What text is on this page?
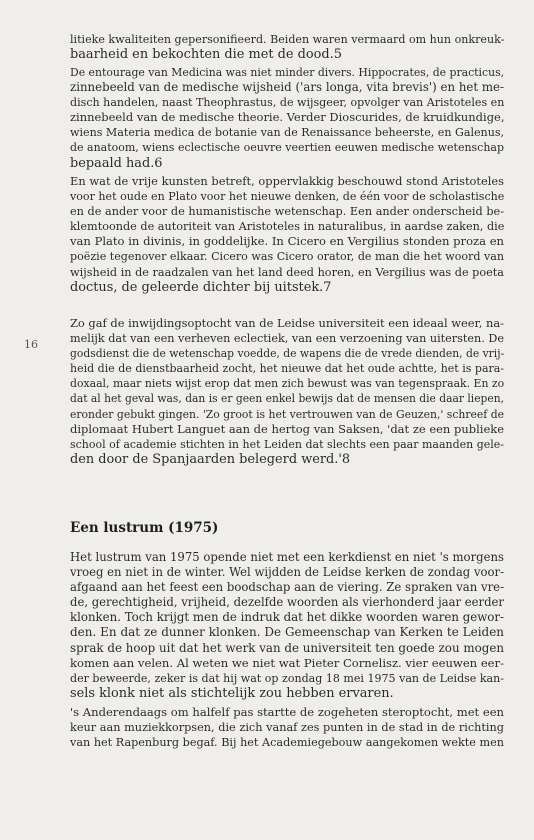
litieke kwaliteiten gepersonifieerd. Beiden waren vermaard om hun onkreuk-
baarheid en bekochten die met de dood.5
De entourage van Medicina was niet minder divers. Hippocrates, de practicus,
zinnebeeld van de medische wijsheid ('ars longa, vita brevis') en het me-
disch handelen, naast Theophrastus, de wijsgeer, opvolger van Aristoteles en
zinnebeeld van de medische theorie. Verder Dioscurides, de kruidkundige,
wiens Materia medica de botanie van de Renaissance beheerste, en Galenus,
de anatoom, wiens eclectische oeuvre veertien eeuwen medische wetenschap
bepaald had.6
En wat de vrije kunsten betreft, oppervlakkig beschouwd stond Aristoteles
voor het oude en Plato voor het nieuwe denken, de één voor de scholastische
en de ander voor de humanistische wetenschap. Een ander onderscheid be-
klemtoonde de autoriteit van Aristoteles in naturalibus, in aardse zaken, die
van Plato in divinis, in goddelijke. In Cicero en Vergilius stonden proza en
poëzie tegenover elkaar. Cicero was Cicero orator, de man die het woord van
wijsheid in de raadzalen van het land deed horen, en Vergilius was de poeta
doctus, de geleerde dichter bij uitstek.7
16
Zo gaf de inwijdingsoptocht van de Leidse universiteit een ideaal weer, na-
melijk dat van een verheven eclectiek, van een verzoening van uitersten. De
godsdienst die de wetenschap voedde, de wapens die de vrede dienden, de vrij-
heid die de dienstbaarheid zocht, het nieuwe dat het oude achtte, het is para-
doxaal, maar niets wijst erop dat men zich bewust was van tegenspraak. En zo
dat al het geval was, dan is er geen enkel bewijs dat de mensen die daar liepen,
eronder gebukt gingen. 'Zo groot is het vertrouwen van de Geuzen,' schreef de
diplomaat Hubert Languet aan de hertog van Saksen, 'dat ze een publieke
school of academie stichten in het Leiden dat slechts een paar maanden gele-
den door de Spanjaarden belegerd werd.'8
Een lustrum (1975)
Het lustrum van 1975 opende niet met een kerkdienst en niet 's morgens
vroeg en niet in de winter. Wel wijdden de Leidse kerken de zondag voor-
afgaand aan het feest een boodschap aan de viering. Ze spraken van vre-
de, gerechtigheid, vrijheid, dezelfde woorden als vierhonderd jaar eerder
klonken. Toch krijgt men de indruk dat het dikke woorden waren gewor-
den. En dat ze dunner klonken. De Gemeenschap van Kerken te Leiden
sprak de hoop uit dat het werk van de universiteit ten goede zou mogen
komen aan velen. Al weten we niet wat Pieter Cornelisz. vier eeuwen eer-
der beweerde, zeker is dat hij wat op zondag 18 mei 1975 van de Leidse kan-
sels klonk niet als stichtelijk zou hebben ervaren.
's Anderendaags om halfelf pas startte de zogeheten steroptocht, met een
keur aan muziekkorpsen, die zich vanaf zes punten in de stad in de richting
van het Rapenburg begaf. Bij het Academiegebouw aangekomen wekte men
